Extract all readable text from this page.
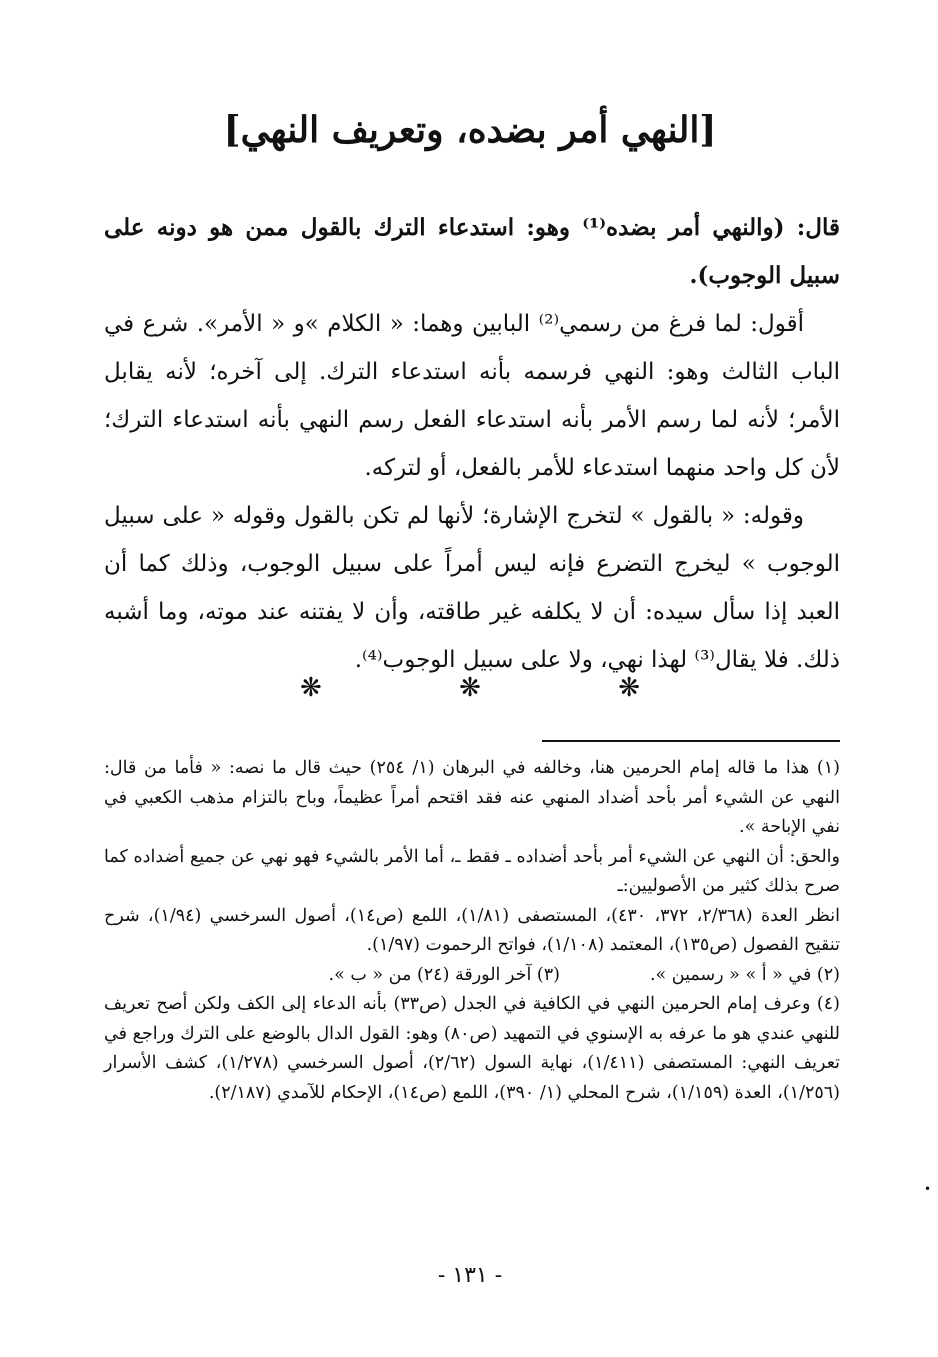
[النهي أمر بضده، وتعريف النهي]

قال: (والنهي أمر بضده⁽¹⁾ وهو: استدعاء الترك بالقول ممن هو دونه على سبيل الوجوب).

أقول: لما فرغ من رسمي⁽²⁾ البابين وهما: « الكلام »و « الأمر». شرع في الباب الثالث وهو: النهي فرسمه بأنه استدعاء الترك. إلى آخره؛ لأنه يقابل الأمر؛ لأنه لما رسم الأمر بأنه استدعاء الفعل رسم النهي بأنه استدعاء الترك؛ لأن كل واحد منهما استدعاء للأمر بالفعل، أو لتركه.

وقوله: « بالقول » لتخرج الإشارة؛ لأنها لم تكن بالقول وقوله « على سبيل الوجوب » ليخرج التضرع فإنه ليس أمراً على سبيل الوجوب، وذلك كما أن العبد إذا سأل سيده: أن لا يكلفه غير طاقته، وأن لا يفتنه عند موته، وما أشبه ذلك. فلا يقال⁽³⁾ لهذا نهي، ولا على سبيل الوجوب⁽⁴⁾.

❋	❋	❋

(١) هذا ما قاله إمام الحرمين هنا، وخالفه في البرهان (١/ ٢٥٤) حيث قال ما نصه: « فأما من قال: النهي عن الشيء أمر بأحد أضداد المنهي عنه فقد اقتحم أمراً عظيماً، وباح بالتزام مذهب الكعبي في نفي الإباحة ».

والحق: أن النهي عن الشيء أمر بأحد أضداده ـ فقط ـ، أما الأمر بالشيء فهو نهي عن جميع أضداده كما صرح بذلك كثير من الأصوليين:ـ

انظر العدة (٢/٣٦٨، ٣٧٢، ٤٣٠)، المستصفى (١/٨١)، اللمع (ص١٤)، أصول السرخسي (١/٩٤)، شرح تنقيح الفصول (ص١٣٥)، المعتمد (١/١٠٨)، فواتح الرحموت (١/٩٧).

(٢) في « أ » « رسمين ».
(٣) آخر الورقة (٢٤) من « ب ».

(٤) وعرف إمام الحرمين النهي في الكافية في الجدل (ص٣٣) بأنه الدعاء إلى الكف ولكن أصح تعريف للنهي عندي هو ما عرفه به الإسنوي في التمهيد (ص٨٠) وهو: القول الدال بالوضع على الترك وراجع في تعريف النهي: المستصفى (١/٤١١)، نهاية السول (٢/٦٢)، أصول السرخسي (١/٢٧٨)، كشف الأسرار (١/٢٥٦)، العدة (١/١٥٩)، شرح المحلي (١/ ٣٩٠)، اللمع (ص١٤)، الإحكام للآمدي (٢/١٨٧).

- ١٣١ -
•
